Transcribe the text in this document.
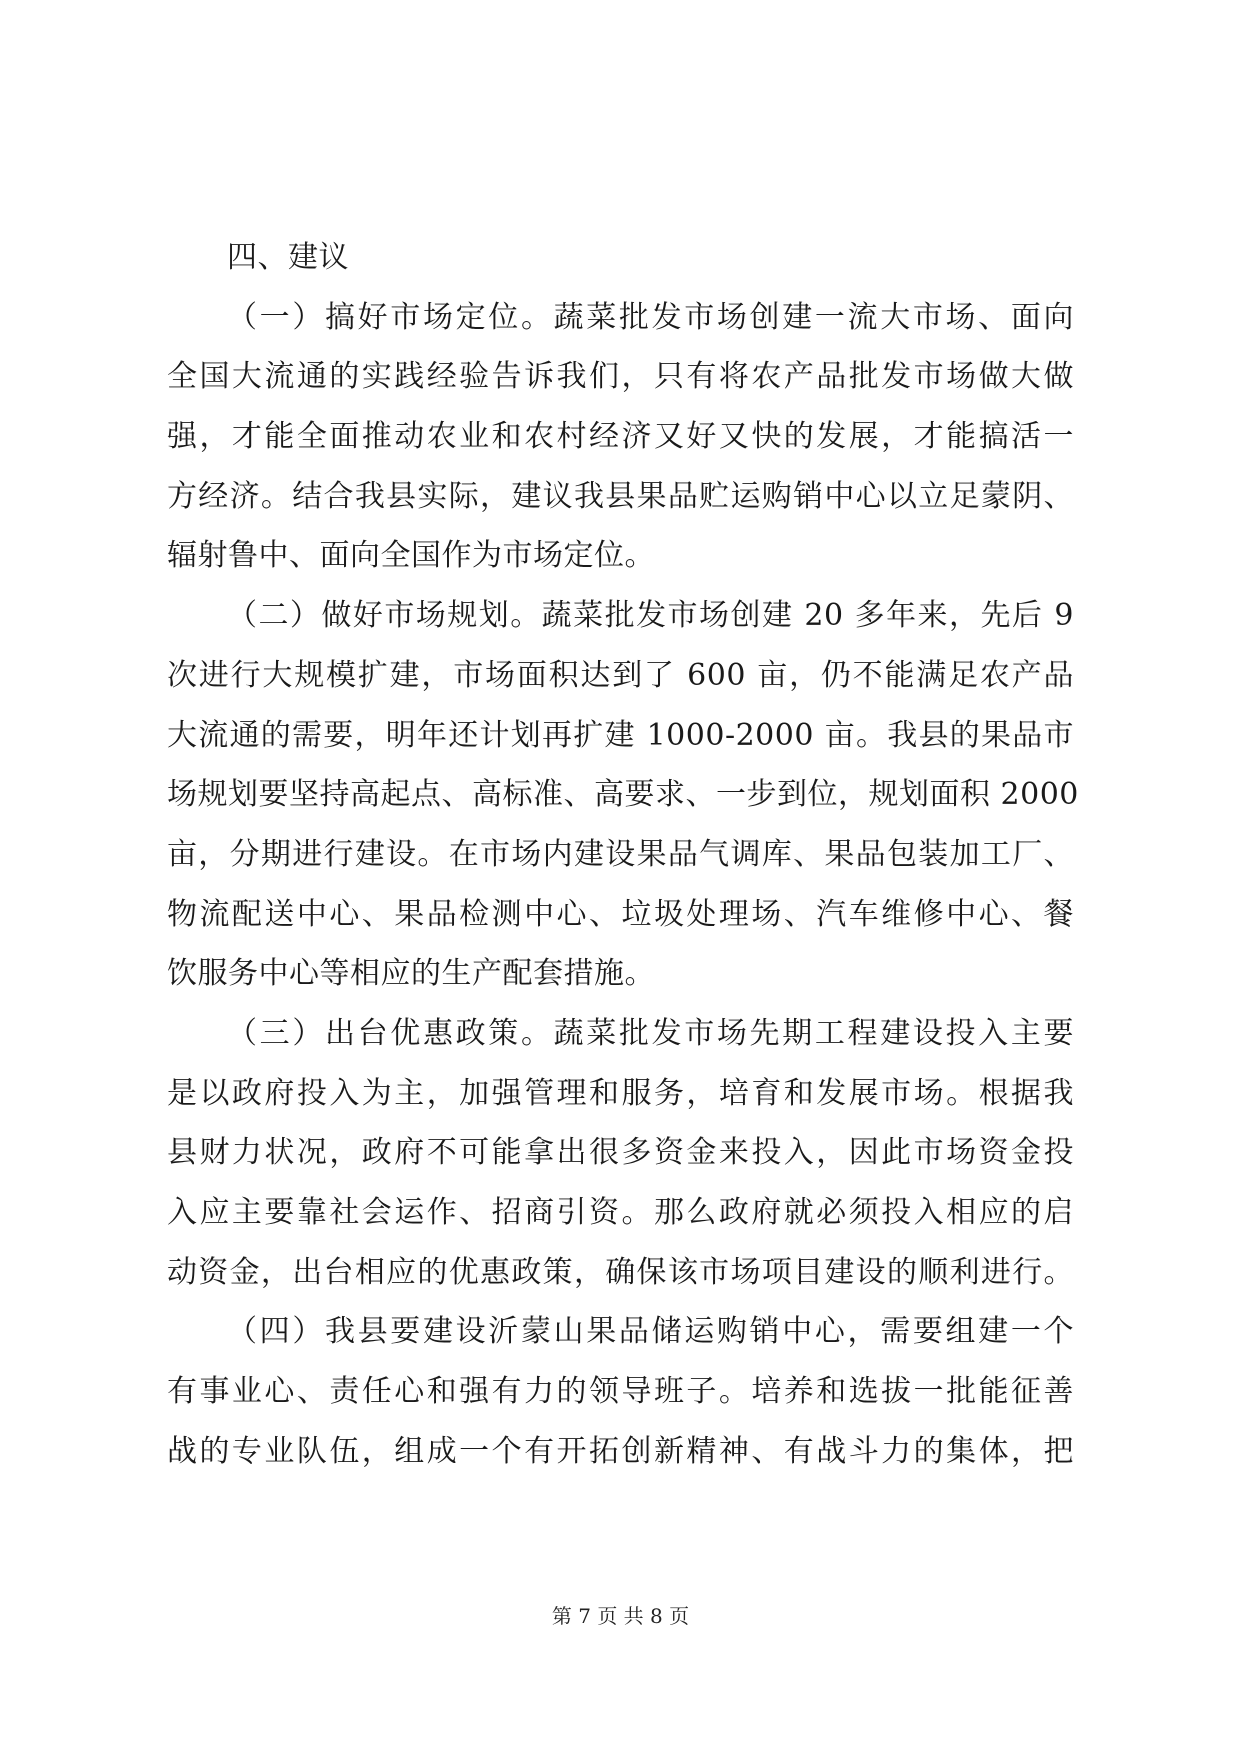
四、建议
（一）搞好市场定位。蔬菜批发市场创建一流大市场、面向
全国大流通的实践经验告诉我们，只有将农产品批发市场做大做
强，才能全面推动农业和农村经济又好又快的发展，才能搞活一
方经济。结合我县实际，建议我县果品贮运购销中心以立足蒙阴、
辐射鲁中、面向全国作为市场定位。
（二）做好市场规划。蔬菜批发市场创建 20 多年来，先后 9
次进行大规模扩建，市场面积达到了 600 亩，仍不能满足农产品
大流通的需要，明年还计划再扩建 1000-2000 亩。我县的果品市
场规划要坚持高起点、高标准、高要求、一步到位，规划面积 2000
亩，分期进行建设。在市场内建设果品气调库、果品包装加工厂、
物流配送中心、果品检测中心、垃圾处理场、汽车维修中心、餐
饮服务中心等相应的生产配套措施。
（三）出台优惠政策。蔬菜批发市场先期工程建设投入主要
是以政府投入为主，加强管理和服务，培育和发展市场。根据我
县财力状况，政府不可能拿出很多资金来投入，因此市场资金投
入应主要靠社会运作、招商引资。那么政府就必须投入相应的启
动资金，出台相应的优惠政策，确保该市场项目建设的顺利进行。
（四）我县要建设沂蒙山果品储运购销中心，需要组建一个
有事业心、责任心和强有力的领导班子。培养和选拔一批能征善
战的专业队伍，组成一个有开拓创新精神、有战斗力的集体，把
第 7 页 共 8 页
